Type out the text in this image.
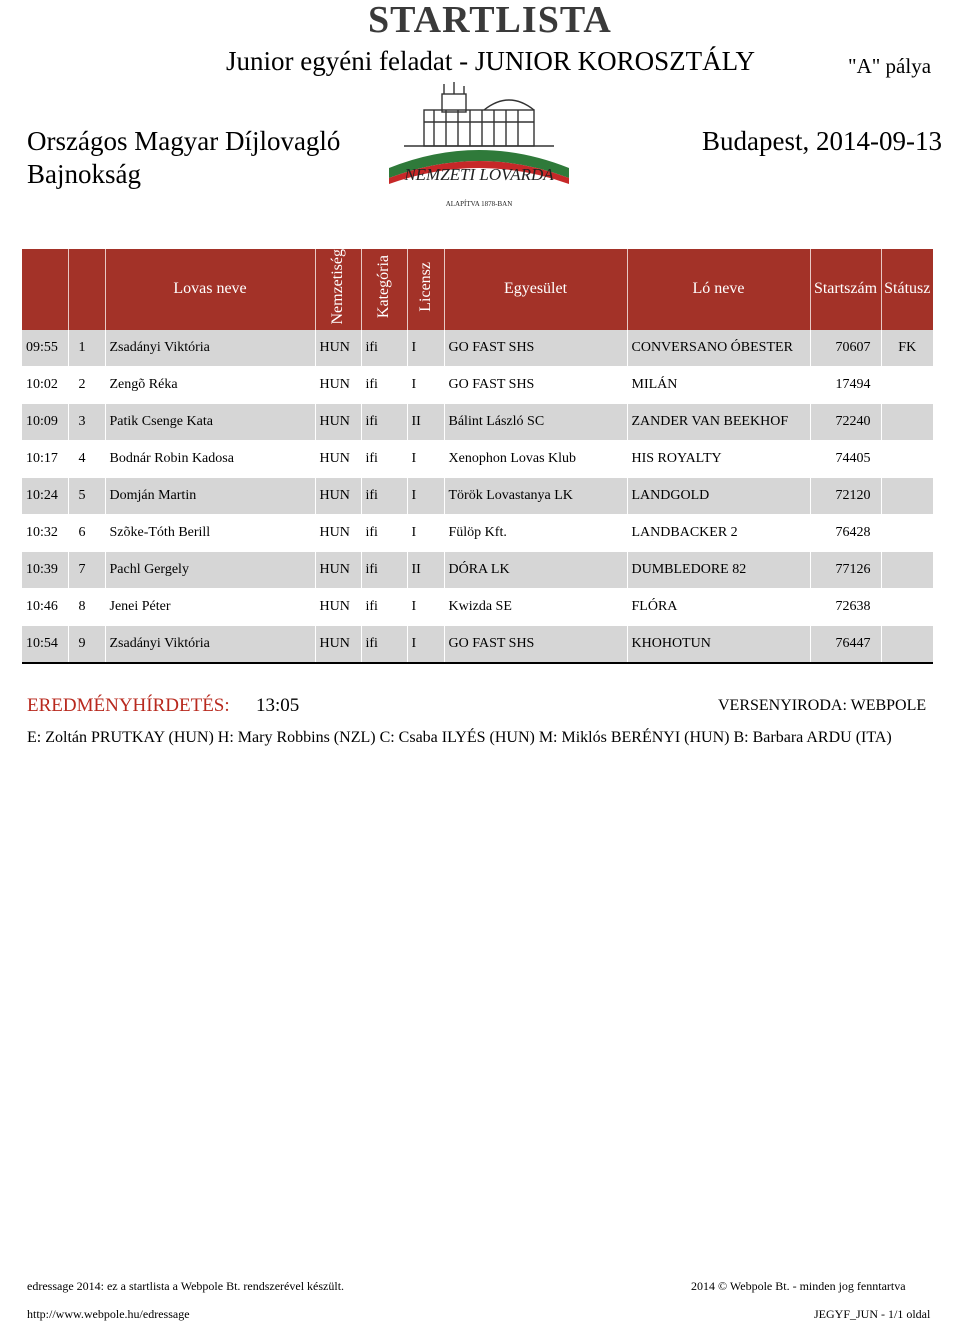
STARTLISTA
Junior egyéni feladat - JUNIOR KOROSZTÁLY	"A" pálya
Országos Magyar Díjlovagló
Bajnokság
Budapest, 2014-09-13
NEMZETI LOVARDA
ALAPÍTVA 1878-BAN
		Lovas neve	Nemzetiség	Kategória	Licensz	Egyesület	Ló neve	Startszám	Státusz
09:55	1	Zsadányi Viktória	HUN	ifi	I	GO FAST SHS	CONVERSANO ÓBESTER	70607	FK
10:02	2	Zengõ Réka	HUN	ifi	I	GO FAST SHS	MILÁN	17494	
10:09	3	Patik Csenge Kata	HUN	ifi	II	Bálint László SC	ZANDER VAN BEEKHOF	72240	
10:17	4	Bodnár Robin Kadosa	HUN	ifi	I	Xenophon Lovas Klub	HIS ROYALTY	74405	
10:24	5	Domján Martin	HUN	ifi	I	Török Lovastanya LK	LANDGOLD	72120	
10:32	6	Szõke-Tóth Berill	HUN	ifi	I	Fülöp Kft.	LANDBACKER 2	76428	
10:39	7	Pachl Gergely	HUN	ifi	II	DÓRA LK	DUMBLEDORE 82	77126	
10:46	8	Jenei Péter	HUN	ifi	I	Kwizda SE	FLÓRA	72638	
10:54	9	Zsadányi Viktória	HUN	ifi	I	GO FAST SHS	KHOHOTUN	76447	
EREDMÉNYHÍRDETÉS: 13:05	VERSENYIRODA: WEBPOLE
E: Zoltán PRUTKAY (HUN) H: Mary Robbins (NZL) C: Csaba ILYÉS (HUN) M: Miklós BERÉNYI (HUN) B: Barbara ARDU (ITA)
edressage 2014: ez a startlista a Webpole Bt. rendszerével készült.
http://www.webpole.hu/edressage
2014 © Webpole Bt. - minden jog fenntartva
JEGYF_JUN - 1/1 oldal
